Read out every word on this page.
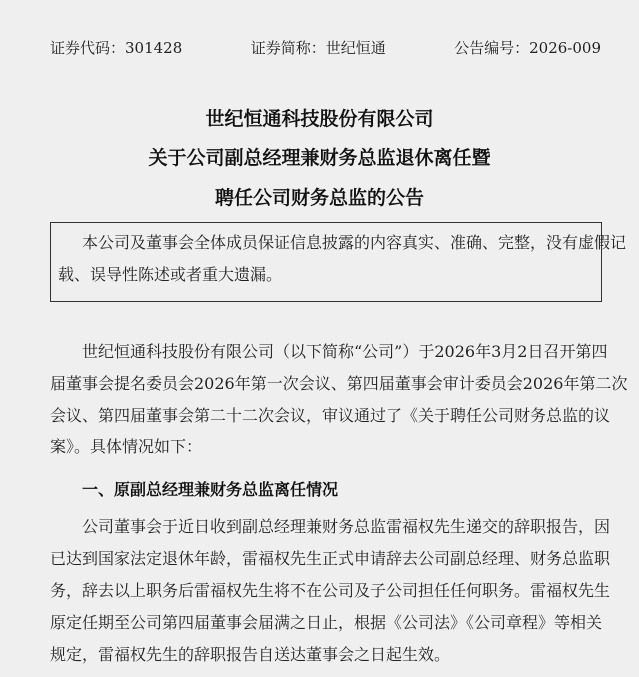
证券代码：301428	证券简称：世纪恒通	公告编号：2026-009
世纪恒通科技股份有限公司
关于公司副总经理兼财务总监退休离任暨
聘任公司财务总监的公告
本公司及董事会全体成员保证信息披露的内容真实、准确、完整，没有虚假记
载、误导性陈述或者重大遗漏。
世纪恒通科技股份有限公司（以下简称“公司”）于2026年3月2日召开第四
届董事会提名委员会2026年第一次会议、第四届董事会审计委员会2026年第二次
会议、第四届董事会第二十二次会议，审议通过了《关于聘任公司财务总监的议
案》。具体情况如下：
一、原副总经理兼财务总监离任情况
公司董事会于近日收到副总经理兼财务总监雷福权先生递交的辞职报告，因
已达到国家法定退休年龄，雷福权先生正式申请辞去公司副总经理、财务总监职
务，辞去以上职务后雷福权先生将不在公司及子公司担任任何职务。雷福权先生
原定任期至公司第四届董事会届满之日止，根据《公司法》《公司章程》等相关
规定，雷福权先生的辞职报告自送达董事会之日起生效。
